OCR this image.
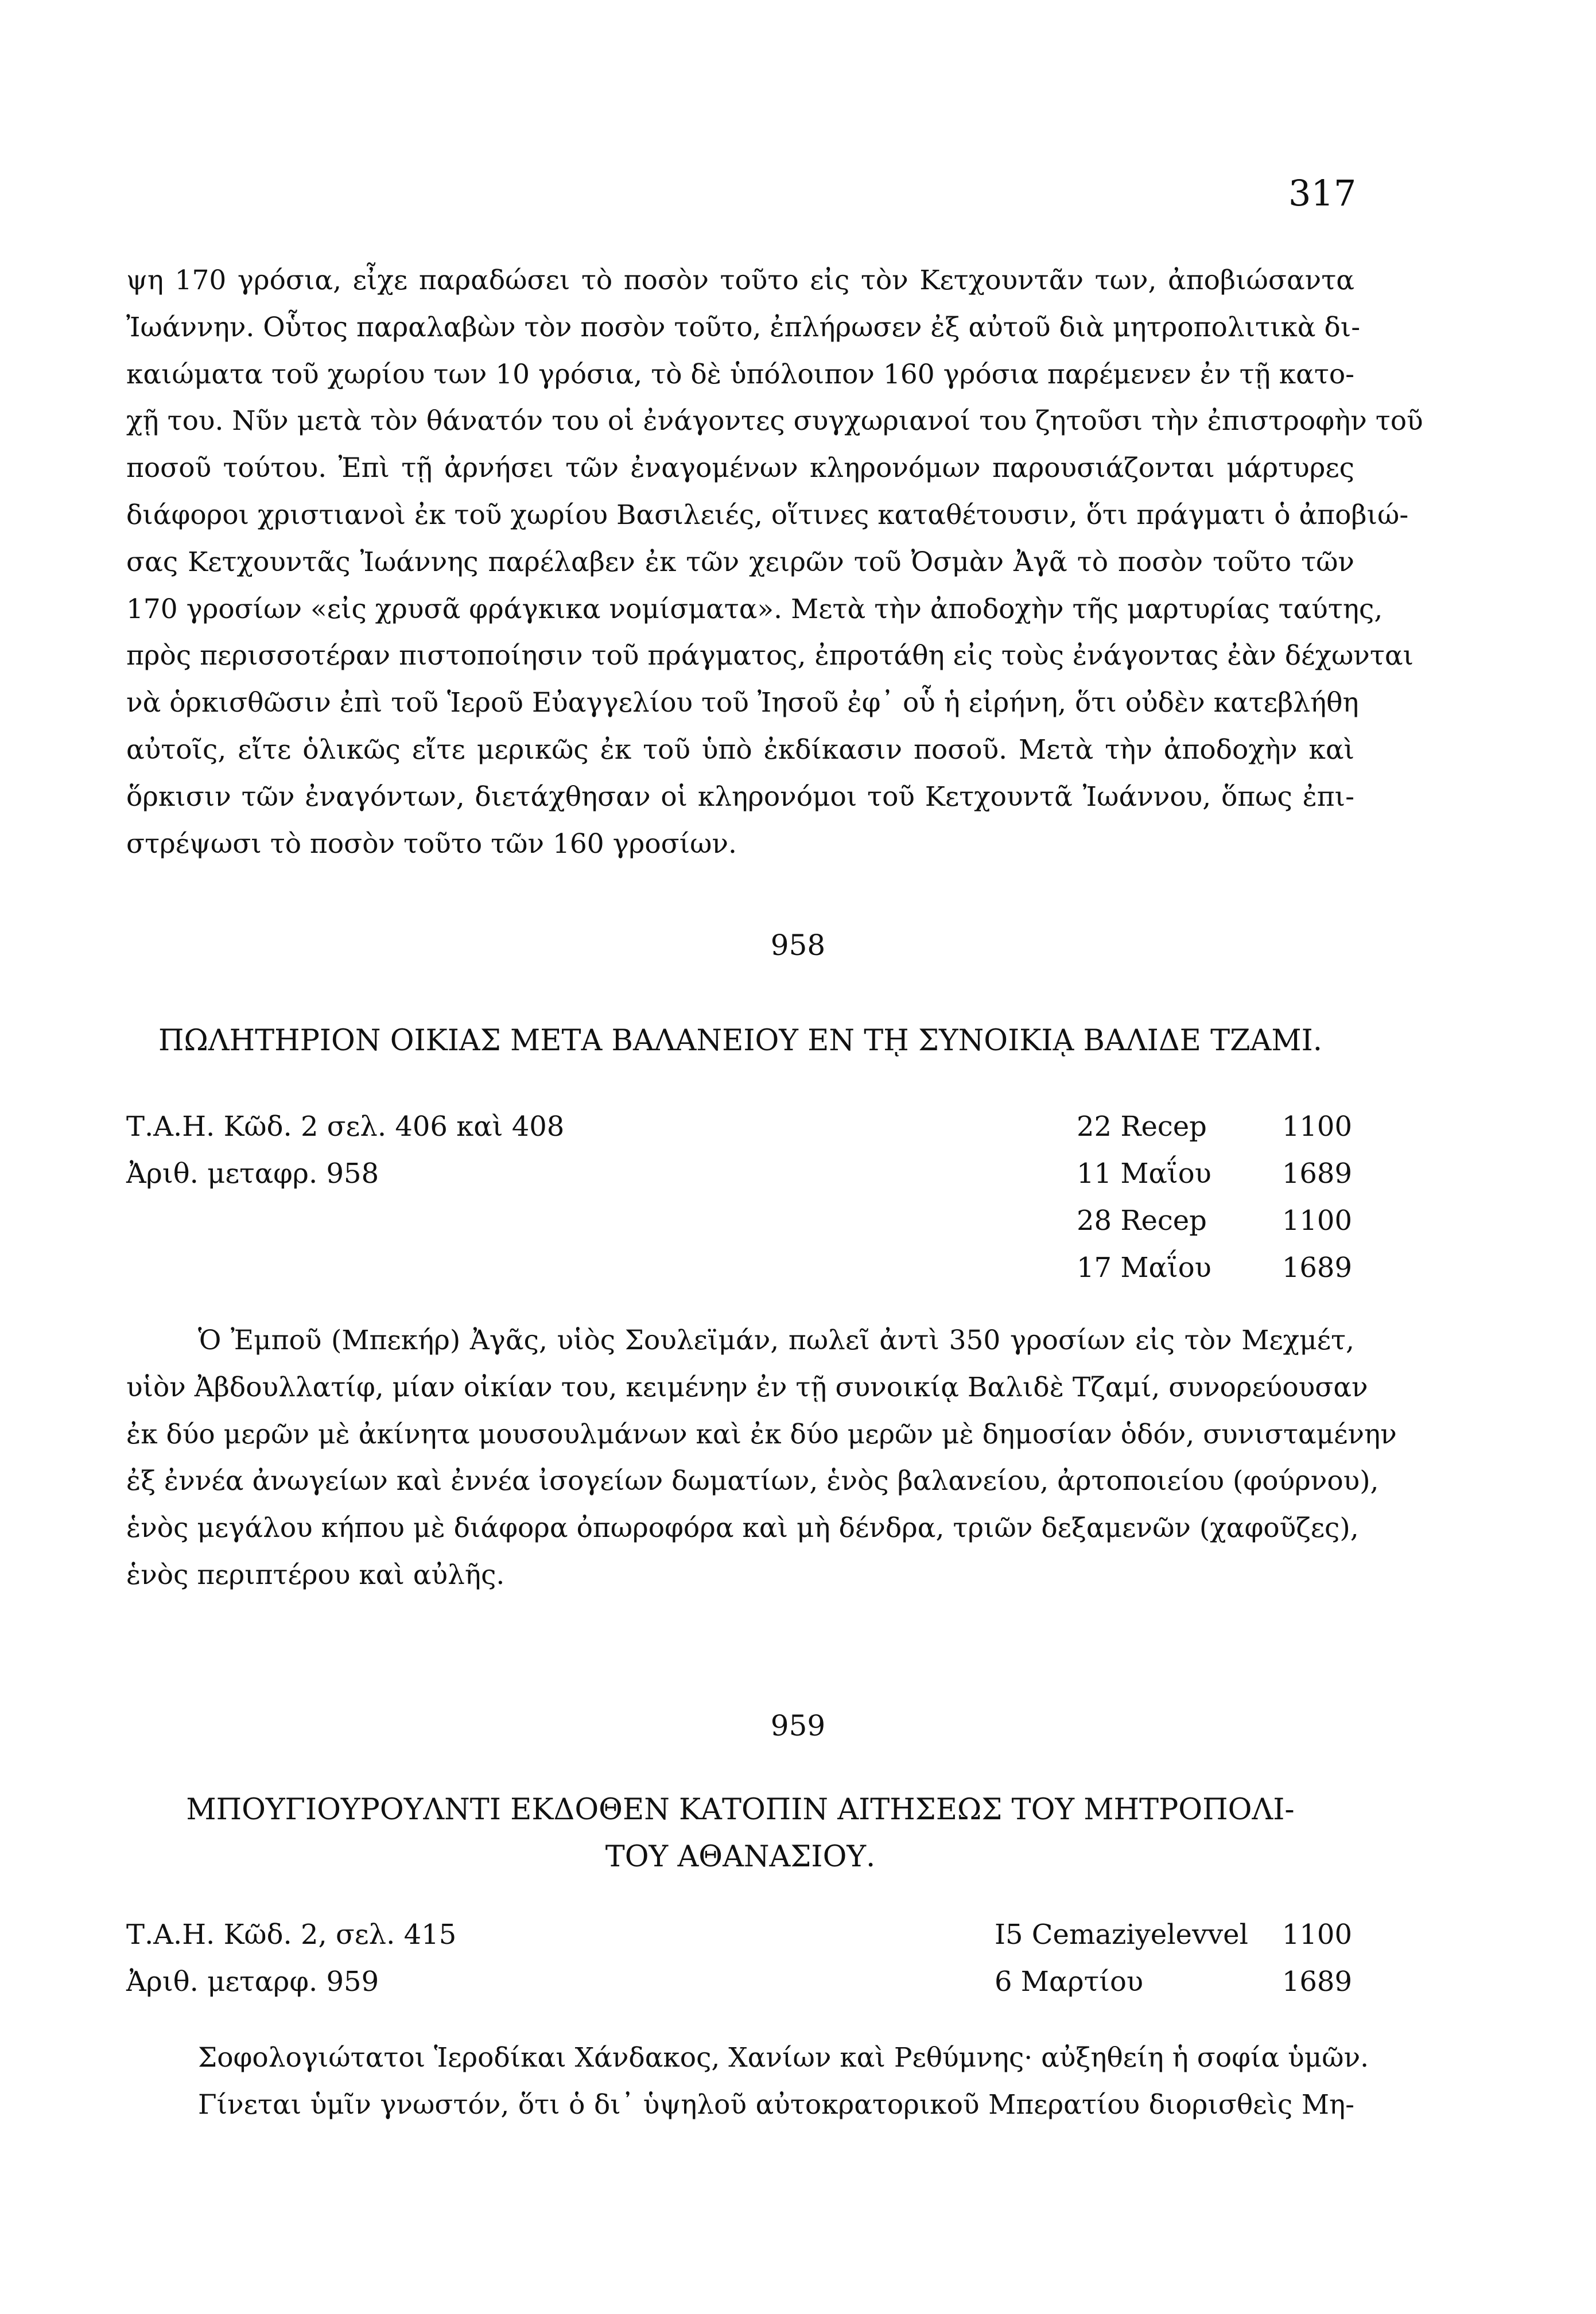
317
ψη 170 γρόσια, εἶχε παραδώσει τὸ ποσὸν τοῦτο εἰς τὸν Κετχουντᾶν των, ἀποβιώσαντα
Ἰωάννην. Οὗτος παραλαβὼν τὸν ποσὸν τοῦτο, ἐπλήρωσεν ἐξ αὐτοῦ διὰ μητροπολιτικὰ δι-
καιώματα τοῦ χωρίου των 10 γρόσια, τὸ δὲ ὑπόλοιπον 160 γρόσια παρέμενεν ἐν τῇ κατο-
χῇ του. Νῦν μετὰ τὸν θάνατόν του οἱ ἐνάγοντες συγχωριανοί του ζητοῦσι τὴν ἐπιστροφὴν τοῦ
ποσοῦ τούτου. Ἐπὶ τῇ ἀρνήσει τῶν ἐναγομένων κληρονόμων παρουσιάζονται μάρτυρες
διάφοροι χριστιανοὶ ἐκ τοῦ χωρίου Βασιλειές, οἵτινες καταθέτουσιν, ὅτι πράγματι ὁ ἀποβιώ-
σας Κετχουντᾶς Ἰωάννης παρέλαβεν ἐκ τῶν χειρῶν τοῦ Ὀσμὰν Ἀγᾶ τὸ ποσὸν τοῦτο τῶν
170 γροσίων «εἰς χρυσᾶ φράγκικα νομίσματα». Μετὰ τὴν ἀποδοχὴν τῆς μαρτυρίας ταύτης,
πρὸς περισσοτέραν πιστοποίησιν τοῦ πράγματος, ἐπροτάθη εἰς τοὺς ἐνάγοντας ἐὰν δέχωνται
νὰ ὁρκισθῶσιν ἐπὶ τοῦ Ἱεροῦ Εὐαγγελίου τοῦ Ἰησοῦ ἐφ᾽ οὗ ἡ εἰρήνη, ὅτι οὐδὲν κατεβλήθη
αὐτοῖς, εἴτε ὁλικῶς εἴτε μερικῶς ἐκ τοῦ ὑπὸ ἐκδίκασιν ποσοῦ. Μετὰ τὴν ἀποδοχὴν καὶ
ὅρκισιν τῶν ἐναγόντων, διετάχθησαν οἱ κληρονόμοι τοῦ Κετχουντᾶ Ἰωάννου, ὅπως ἐπι-
στρέψωσι τὸ ποσὸν τοῦτο τῶν 160 γροσίων.
958
ΠΩΛΗΤΗΡΙΟΝ ΟΙΚΙΑΣ ΜΕΤΑ ΒΑΛΑΝΕΙΟΥ ΕΝ Τῌ ΣΥΝΟΙΚΙᾼ ΒΑΛΙΔΕ ΤΖΑΜΙ.
Τ.Α.Η. Κῶδ. 2 σελ. 406 καὶ 408
Ἀριθ. μεταφρ. 958
22 Recep	1100
11 Μαΐου	1689
28 Recep	1100
17 Μαΐου	1689
Ὁ Ἐμποῦ (Μπεκήρ) Ἀγᾶς, υἱὸς Σουλεϊμάν, πωλεῖ ἀντὶ 350 γροσίων εἰς τὸν Μεχμέτ,
υἱὸν Ἀβδουλλατίφ, μίαν οἰκίαν του, κειμένην ἐν τῇ συνοικίᾳ Βαλιδὲ Τζαμί, συνορεύουσαν
ἐκ δύο μερῶν μὲ ἀκίνητα μουσουλμάνων καὶ ἐκ δύο μερῶν μὲ δημοσίαν ὁδόν, συνισταμένην
ἐξ ἐννέα ἀνωγείων καὶ ἐννέα ἰσογείων δωματίων, ἑνὸς βαλανείου, ἀρτοποιείου (φούρνου),
ἑνὸς μεγάλου κήπου μὲ διάφορα ὀπωροφόρα καὶ μὴ δένδρα, τριῶν δεξαμενῶν (χαφοῦζες),
ἑνὸς περιπτέρου καὶ αὐλῆς.
959
ΜΠΟΥΓΙΟΥΡΟΥΛΝΤΙ ΕΚΔΟΘΕΝ ΚΑΤΟΠΙΝ ΑΙΤΗΣΕΩΣ ΤΟΥ ΜΗΤΡΟΠΟΛΙ-
ΤΟΥ ΑΘΑΝΑΣΙΟΥ.
Τ.Α.Η. Κῶδ. 2, σελ. 415
Ἀριθ. μεταρφ. 959
I5 Cemaziyelevvel	1100
6 Μαρτίου	1689
Σοφολογιώτατοι Ἱεροδίκαι Χάνδακος, Χανίων καὶ Ρεθύμνης· αὐξηθείη ἡ σοφία ὑμῶν.
Γίνεται ὑμῖν γνωστόν, ὅτι ὁ δι᾽ ὑψηλοῦ αὐτοκρατορικοῦ Μπερατίου διορισθεὶς Μη-
